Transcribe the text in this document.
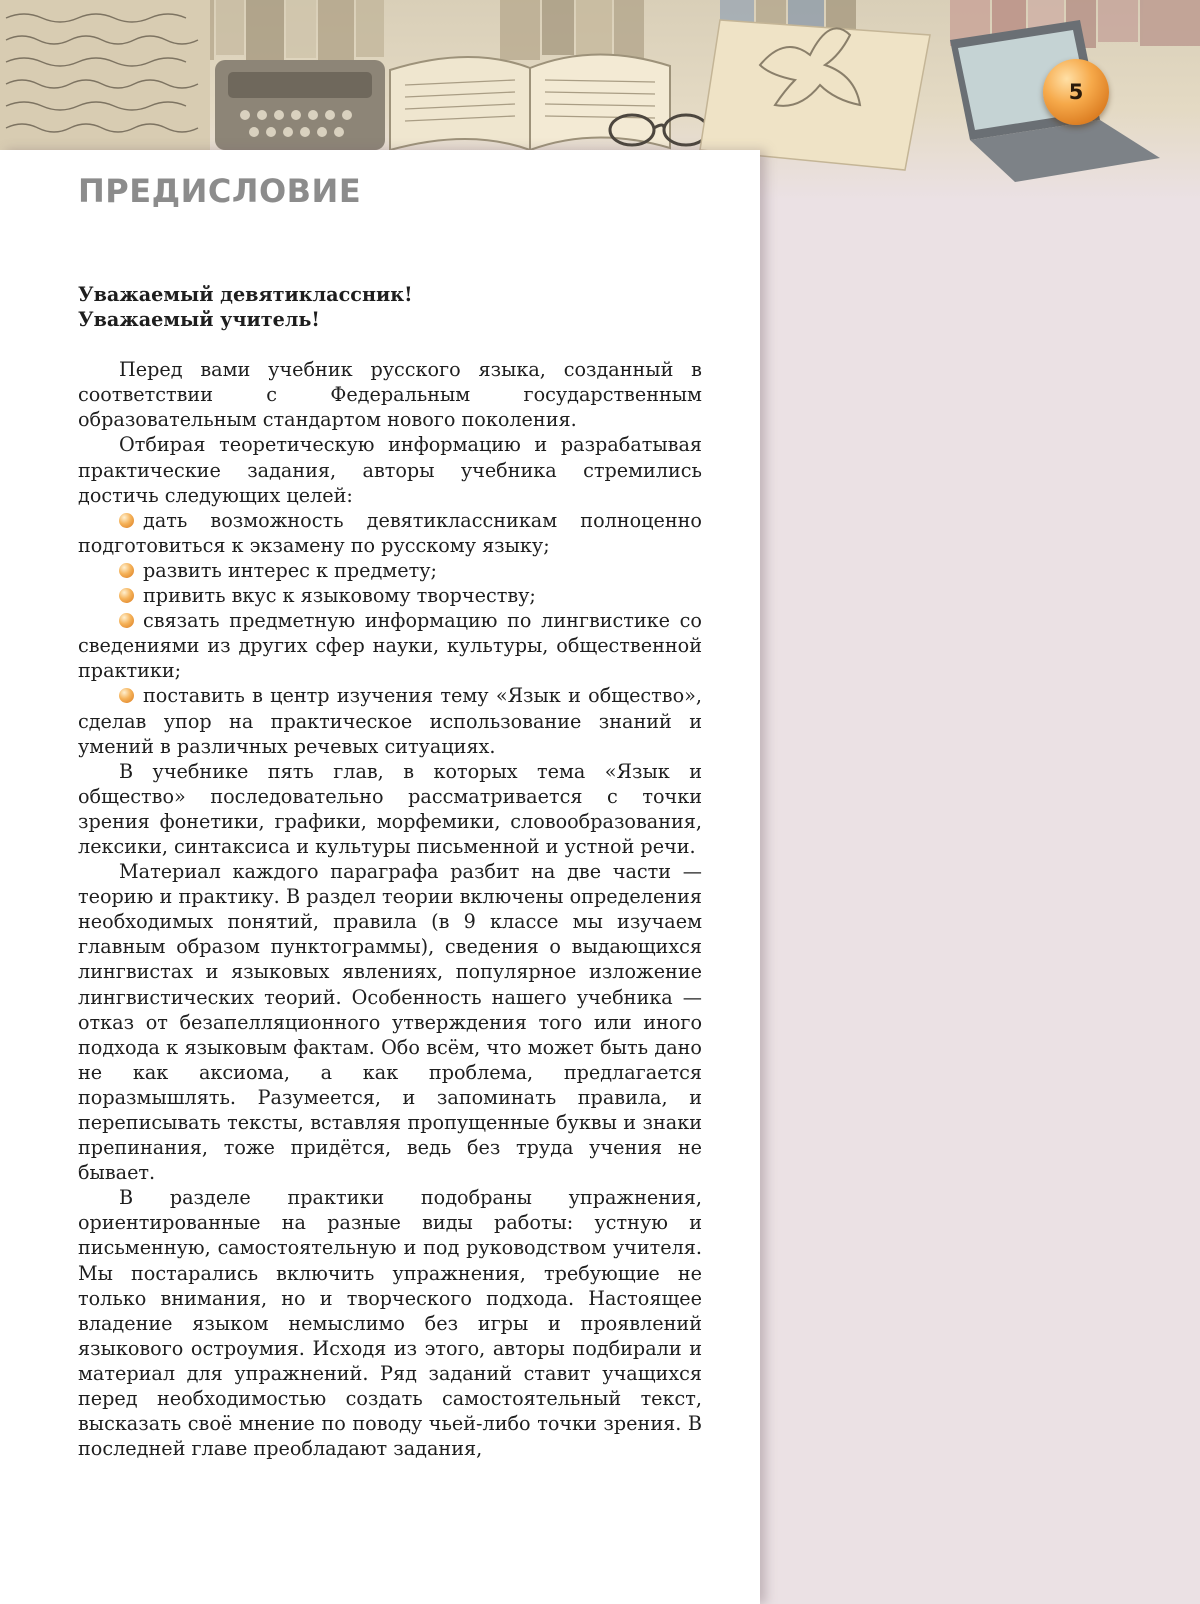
5
ПРЕДИСЛОВИЕ

Уважаемый девятиклассник!

Уважаемый учитель!

Перед вами учебник русского языка, созданный в соответствии с Федеральным государственным образовательным стандартом нового поколения.

Отбирая теоретическую информацию и разрабатывая практические задания, авторы учебника стремились достичь следующих целей:

дать возможность девятиклассникам полноценно подготовиться к экзамену по русскому языку;

развить интерес к предмету;

привить вкус к языковому творчеству;

связать предметную информацию по лингвистике со сведениями из других сфер науки, культуры, общественной практики;

поставить в центр изучения тему «Язык и общество», сделав упор на практическое использование знаний и умений в различных речевых ситуациях.

В учебнике пять глав, в которых тема «Язык и общество» последовательно рассматривается с точки зрения фонетики, графики, морфемики, словообразования, лексики, синтаксиса и культуры письменной и устной речи.

Материал каждого параграфа разбит на две части — теорию и практику. В раздел теории включены определения необходимых понятий, правила (в 9 классе мы изучаем главным образом пунктограммы), сведения о выдающихся лингвистах и языковых явлениях, популярное изложение лингвистических теорий. Особенность нашего учебника — отказ от безапелляционного утверждения того или иного подхода к языковым фактам. Обо всём, что может быть дано не как аксиома, а как проблема, предлагается поразмышлять. Разумеется, и запоминать правила, и переписывать тексты, вставляя пропущенные буквы и знаки препинания, тоже придётся, ведь без труда учения не бывает.

В разделе практики подобраны упражнения, ориентированные на разные виды работы: устную и письменную, самостоятельную и под руководством учителя. Мы постарались включить упражнения, требующие не только внимания, но и творческого подхода. Настоящее владение языком немыслимо без игры и проявлений языкового остроумия. Исходя из этого, авторы подбирали и материал для упражнений. Ряд заданий ставит учащихся перед необходимостью создать самостоятельный текст, высказать своё мнение по поводу чьей-либо точки зрения. В последней главе преобладают задания,
